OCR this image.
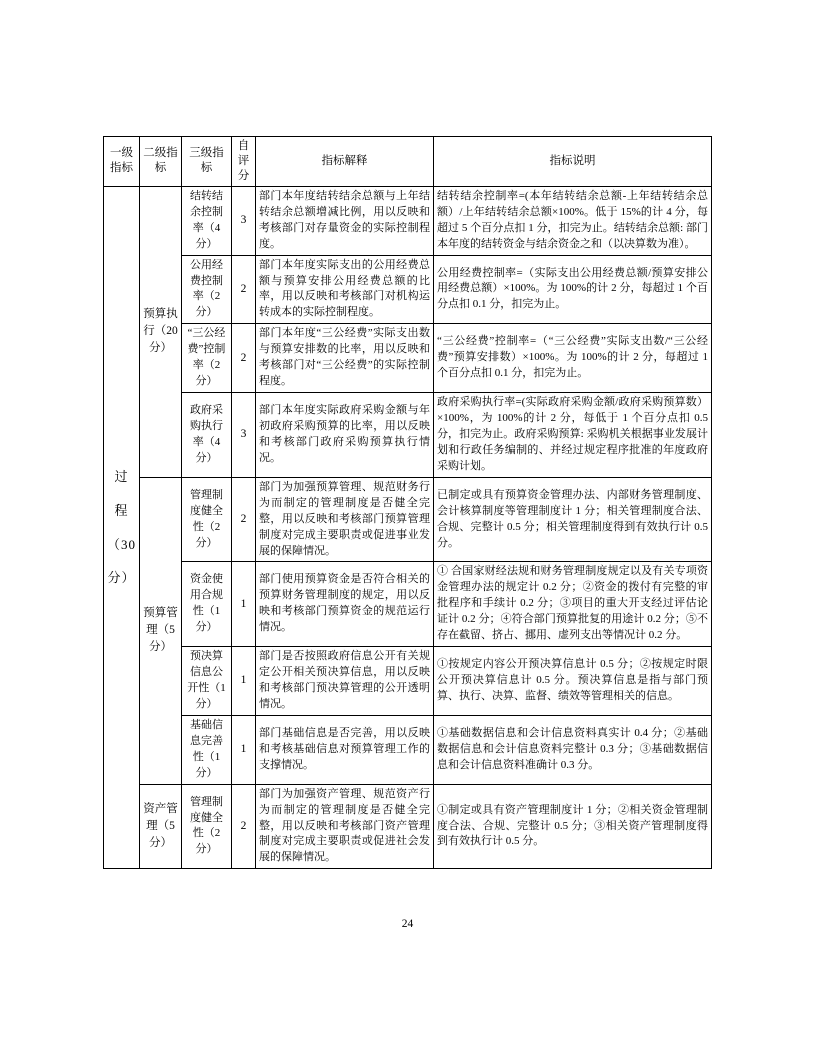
一级指标	二级指标	三级指标	自评分	指标解释	指标说明

过
程
（30
分）	预算执行（20分）	结转结余控制率（4分）	3	部门本年度结转结余总额与上年结转结余总额增减比例，用以反映和考核部门对存量资金的实际控制程度。	结转结余控制率=(本年结转结余总额-上年结转结余总额）/上年结转结余总额×100%。低于 15%的计 4 分，每超过 5 个百分点扣 1 分，扣完为止。结转结余总额: 部门本年度的结转资金与结余资金之和（以决算数为准）。
		公用经费控制率（2分）	2	部门本年度实际支出的公用经费总额与预算安排公用经费总额的比率，用以反映和考核部门对机构运转成本的实际控制程度。	公用经费控制率=（实际支出公用经费总额/预算安排公用经费总额）×100%。为 100%的计 2 分，每超过 1 个百分点扣 0.1 分，扣完为止。
		“三公经费”控制率（2分）	2	部门本年度“三公经费”实际支出数与预算安排数的比率，用以反映和考核部门对“三公经费”的实际控制程度。	“三公经费”控制率=（“三公经费”实际支出数/“三公经费”预算安排数）×100%。为 100%的计 2 分，每超过 1 个百分点扣 0.1 分，扣完为止。
		政府采购执行率（4分）	3	部门本年度实际政府采购金额与年初政府采购预算的比率，用以反映和考核部门政府采购预算执行情况。	政府采购执行率=(实际政府采购金额/政府采购预算数）×100%，为 100%的计 2 分，每低于 1 个百分点扣 0.5 分，扣完为止。政府采购预算: 采购机关根据事业发展计划和行政任务编制的、并经过规定程序批准的年度政府采购计划。
	预算管理（5分）	管理制度健全性（2分）	2	部门为加强预算管理、规范财务行为而制定的管理制度是否健全完整，用以反映和考核部门预算管理制度对完成主要职责或促进事业发展的保障情况。	已制定或具有预算资金管理办法、内部财务管理制度、会计核算制度等管理制度计 1 分；相关管理制度合法、合规、完整计 0.5 分；相关管理制度得到有效执行计 0.5 分。
		资金使用合规性（1分）	1	部门使用预算资金是否符合相关的预算财务管理制度的规定，用以反映和考核部门预算资金的规范运行情况。	① 合国家财经法规和财务管理制度规定以及有关专项资金管理办法的规定计 0.2 分；②资金的拨付有完整的审批程序和手续计 0.2 分；③项目的重大开支经过评估论证计 0.2 分；④符合部门预算批复的用途计 0.2 分；⑤不存在截留、挤占、挪用、虚列支出等情况计 0.2 分。
		预决算信息公开性（1分）	1	部门是否按照政府信息公开有关规定公开相关预决算信息，用以反映和考核部门预决算管理的公开透明情况。	①按规定内容公开预决算信息计 0.5 分；②按规定时限公开预决算信息计 0.5 分。预决算信息是指与部门预算、执行、决算、监督、绩效等管理相关的信息。
		基础信息完善性（1分）	1	部门基础信息是否完善，用以反映和考核基础信息对预算管理工作的支撑情况。	①基础数据信息和会计信息资料真实计 0.4 分；②基础数据信息和会计信息资料完整计 0.3 分；③基础数据信息和会计信息资料准确计 0.3 分。
	资产管理（5分）	管理制度健全性（2分）	2	部门为加强资产管理、规范资产行为而制定的管理制度是否健全完整，用以反映和考核部门资产管理制度对完成主要职责或促进社会发展的保障情况。	①制定或具有资产管理制度计 1 分；②相关资金管理制度合法、合规、完整计 0.5 分；③相关资产管理制度得到有效执行计 0.5 分。
24
